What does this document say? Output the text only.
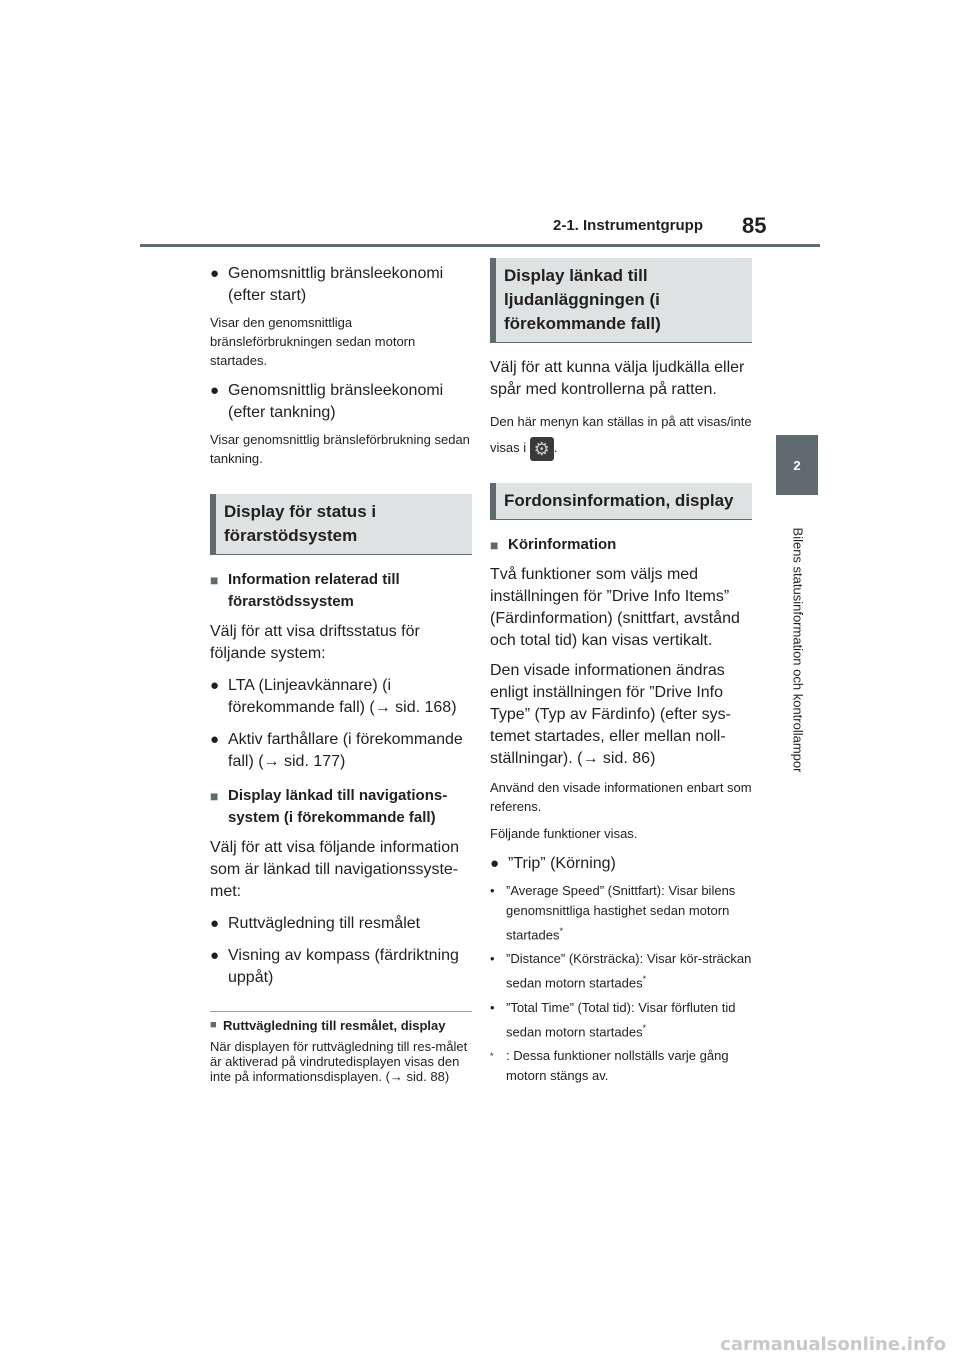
2-1. Instrumentgrupp 85
2
Bilens statusinformation och kontrollampor
● Genomsnittlig bränsleekonomi (efter start)
Visar den genomsnittliga bränsleförbrukningen sedan motorn startades.
● Genomsnittlig bränsleekonomi (efter tankning)
Visar genomsnittlig bränsleförbrukning sedan tankning.
Display för status i förarstödsystem
■ Information relaterad till förarstödssystem
Välj för att visa driftsstatus för följande system:
● LTA (Linjeavkännare) (i förekommande fall) (→ sid. 168)
● Aktiv farthållare (i förekommande fall) (→ sid. 177)
■ Display länkad till navigations-system (i förekommande fall)
Välj för att visa följande information som är länkad till navigationssyste-met:
● Ruttvägledning till resmålet
● Visning av kompass (färdriktning uppåt)
■ Ruttvägledning till resmålet, display
När displayen för ruttvägledning till res-målet är aktiverad på vindrutedisplayen visas den inte på informationsdisplayen. (→ sid. 88)
Display länkad till ljudanläggningen (i förekommande fall)
Välj för att kunna välja ljudkälla eller spår med kontrollerna på ratten.
Den här menyn kan ställas in på att visas/inte visas i ⚙ .
Fordonsinformation, display
■ Körinformation
Två funktioner som väljs med inställningen för ”Drive Info Items” (Färdinformation) (snittfart, avstånd och total tid) kan visas vertikalt.
Den visade informationen ändras enligt inställningen för ”Drive Info Type” (Typ av Färdinfo) (efter sys-temet startades, eller mellan noll-ställningar). (→ sid. 86)
Använd den visade informationen enbart som referens.
Följande funktioner visas.
● ”Trip” (Körning)
• ”Average Speed” (Snittfart): Visar bilens genomsnittliga hastighet sedan motorn startades*
• ”Distance” (Körsträcka): Visar kör-sträckan sedan motorn startades*
• ”Total Time” (Total tid): Visar förfluten tid sedan motorn startades*
* : Dessa funktioner nollställs varje gång motorn stängs av.
carmanualsonline.info
